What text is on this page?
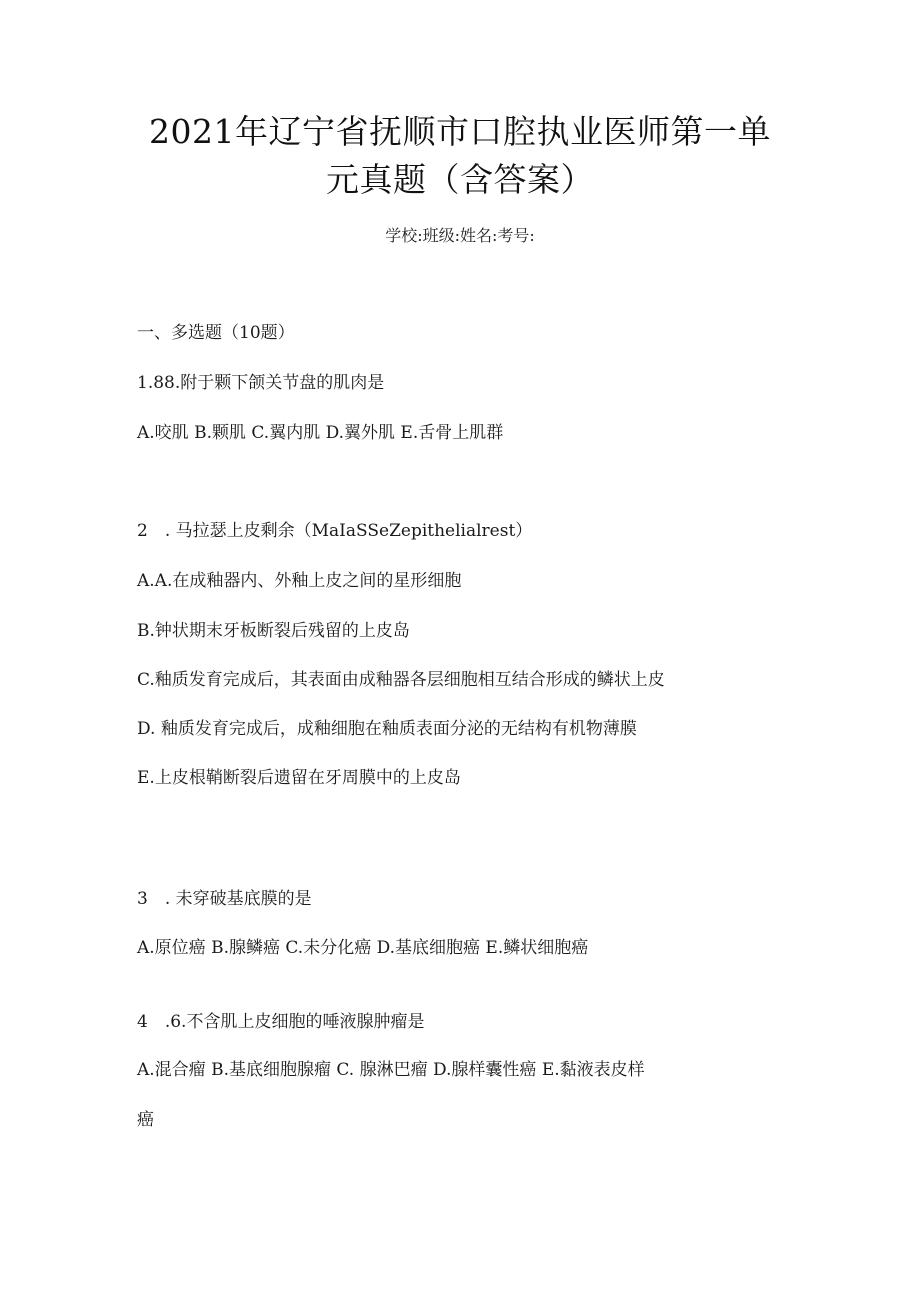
2021年辽宁省抚顺市口腔执业医师第一单
元真题（含答案）
学校:班级:姓名:考号:
一、多选题（10题）
1.88.附于颗下颌关节盘的肌肉是
A.咬肌 B.颗肌 C.翼内肌 D.翼外肌 E.舌骨上肌群
2　. 马拉瑟上皮剩余（MaIaSSeZepithelialrest）
A.A.在成釉器内、外釉上皮之间的星形细胞
B.钟状期末牙板断裂后残留的上皮岛
C.釉质发育完成后，其表面由成釉器各层细胞相互结合形成的鳞状上皮
D. 釉质发育完成后，成釉细胞在釉质表面分泌的无结构有机物薄膜
E.上皮根鞘断裂后遗留在牙周膜中的上皮岛
3　. 未穿破基底膜的是
A.原位癌 B.腺鳞癌 C.未分化癌 D.基底细胞癌 E.鳞状细胞癌
4　.6.不含肌上皮细胞的唾液腺肿瘤是
A.混合瘤 B.基底细胞腺瘤 C. 腺淋巴瘤 D.腺样囊性癌 E.黏液表皮样
癌
